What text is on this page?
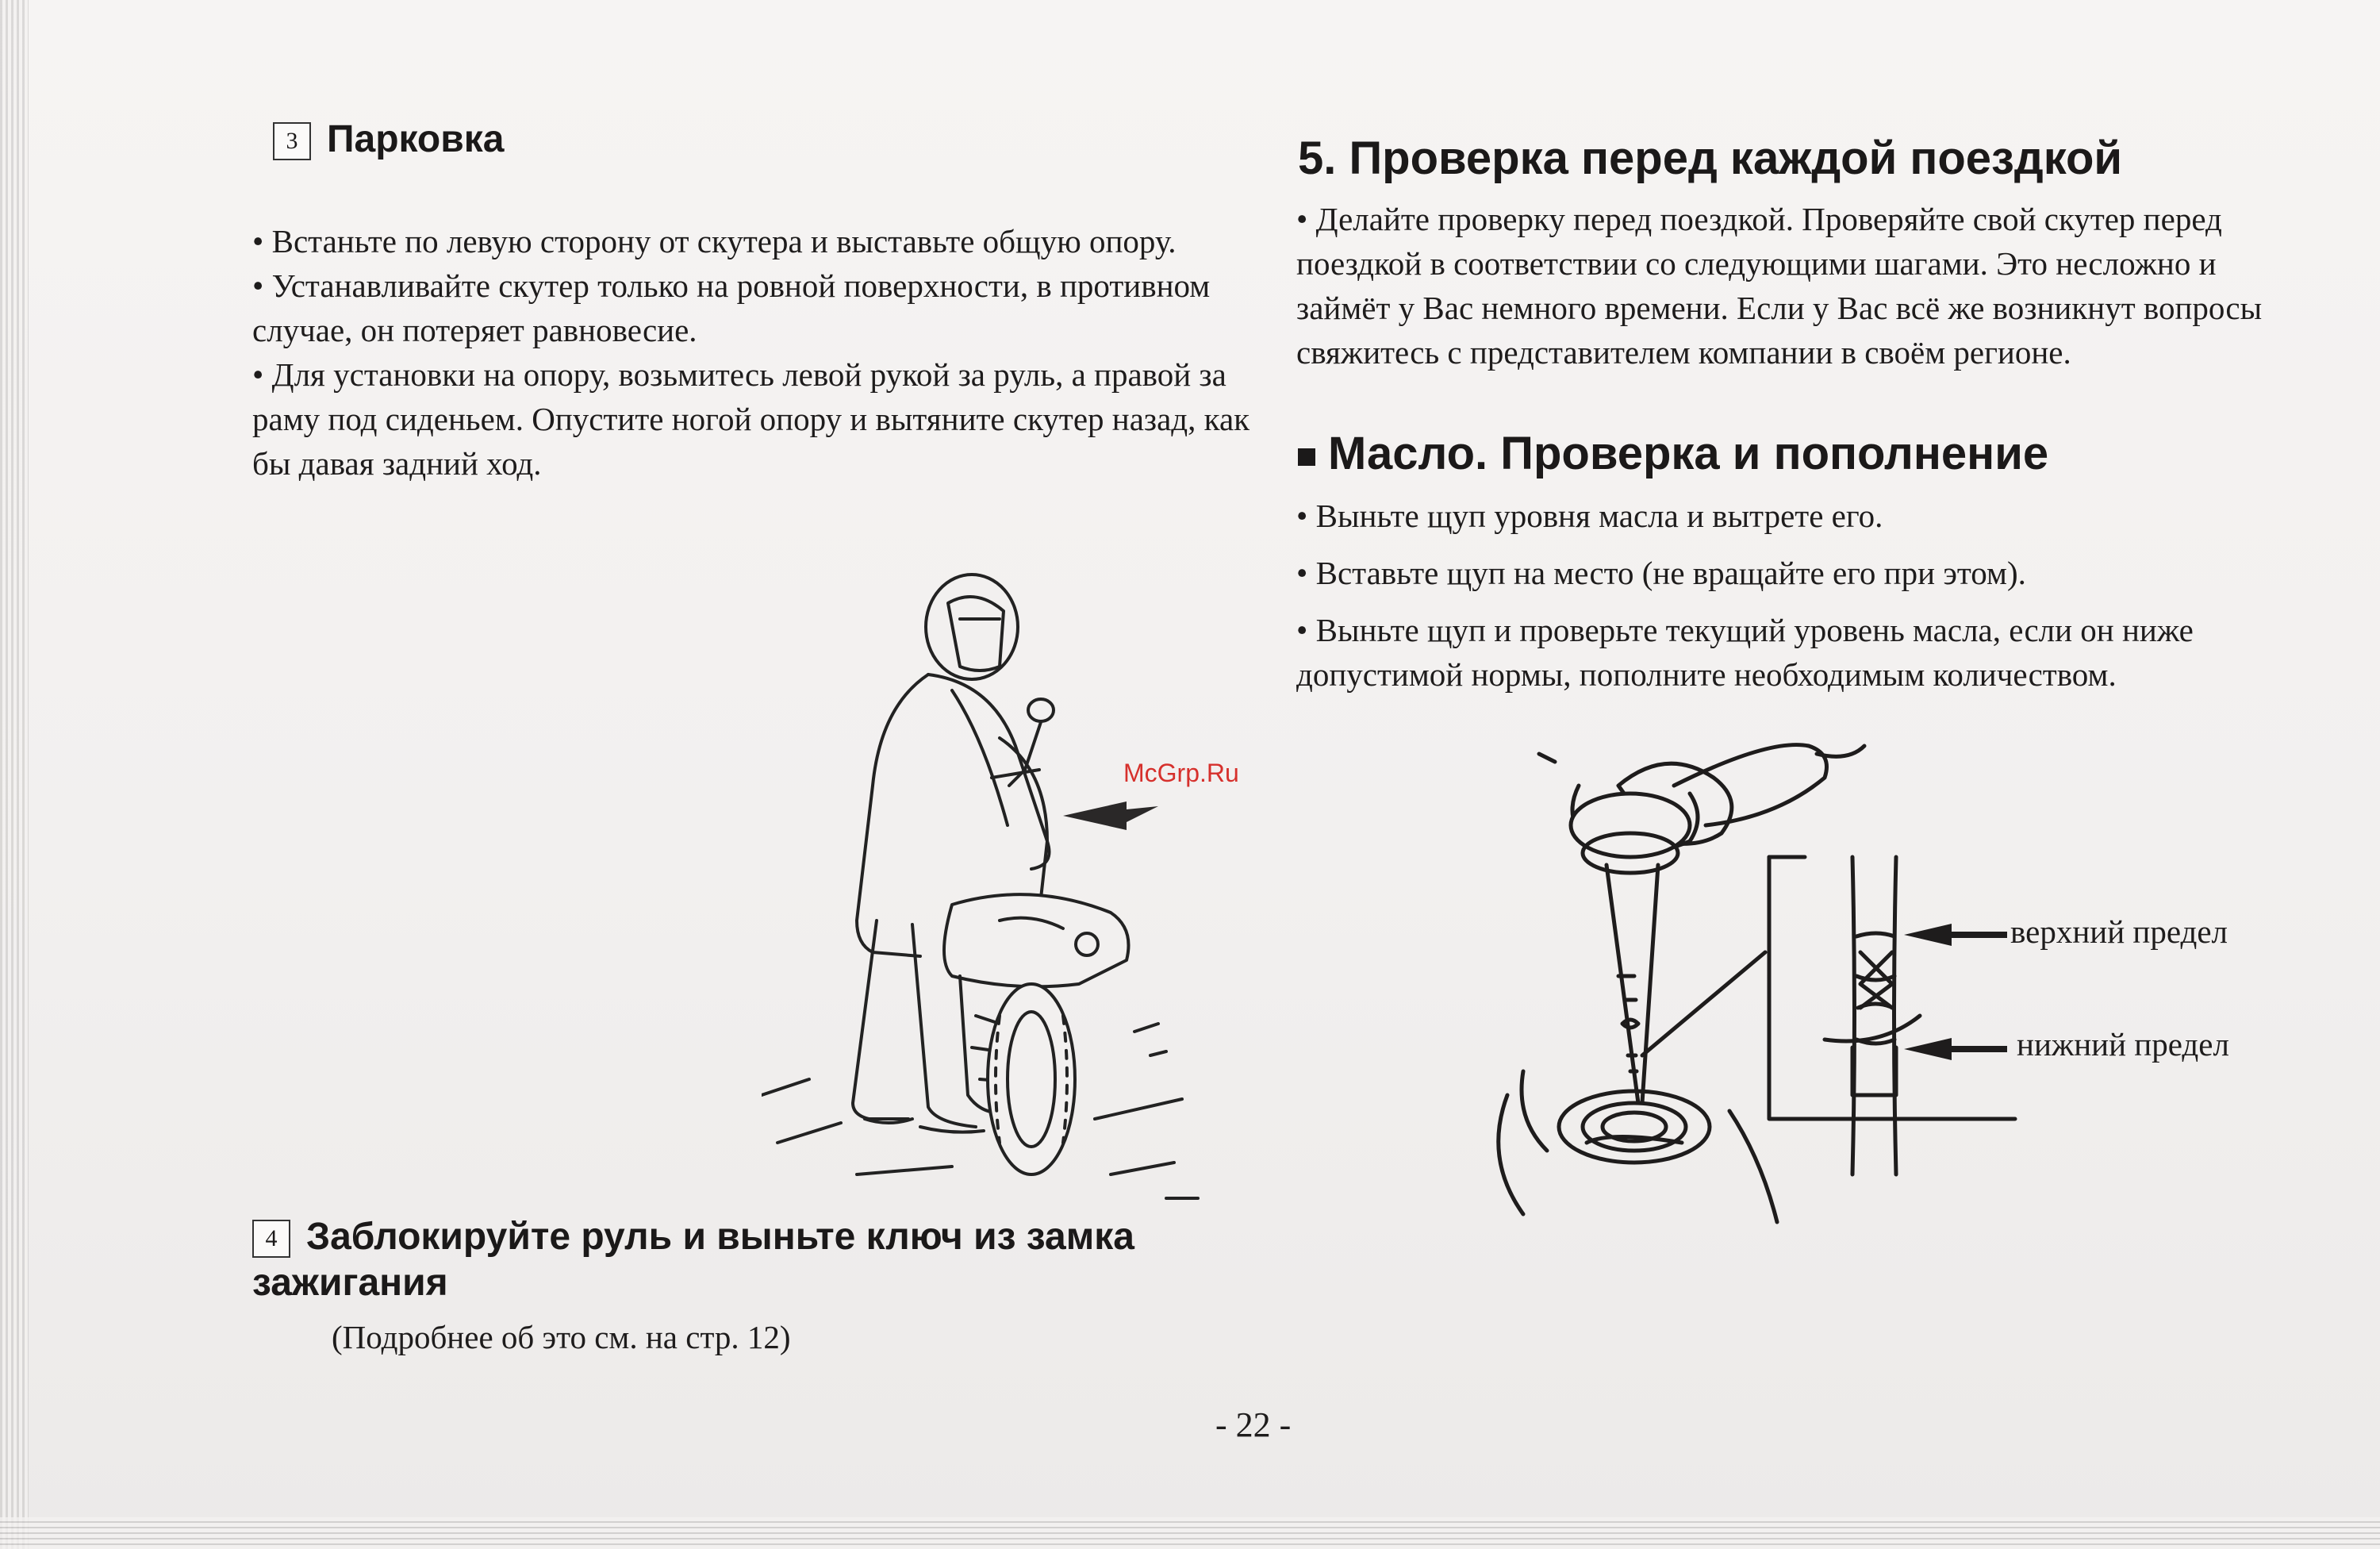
3 Парковка

• Встаньте по левую сторону от скутера и выставьте общую опору.

• Устанавливайте скутер только на ровной поверхности, в противном случае, он потеряет равновесие.

• Для установки на опору, возьмитесь левой рукой за руль, а правой за раму под сиденьем. Опустите ногой опору и вытяните скутер назад, как бы давая задний ход.

4 Заблокируйте руль и выньте ключ из замка зажигания
(Подробнее об это см. на стр. 12)
5. Проверка перед каждой поездкой

• Делайте проверку перед поездкой. Проверяйте свой скутер перед поездкой в соответствии со следующими шагами. Это несложно и займёт у Вас немного времени. Если у Вас всё же возникнут вопросы свяжитесь с представителем компании в своём регионе.

Масло. Проверка и пополнение

• Выньте щуп уровня масла и вытрете его.

• Вставьте щуп на место (не вращайте его при этом).

• Выньте щуп и проверьте текущий уровень масла, если он ниже допустимой нормы, пополните необходимым количеством.

McGrp.Ru
верхний предел
нижний предел
- 22 -
